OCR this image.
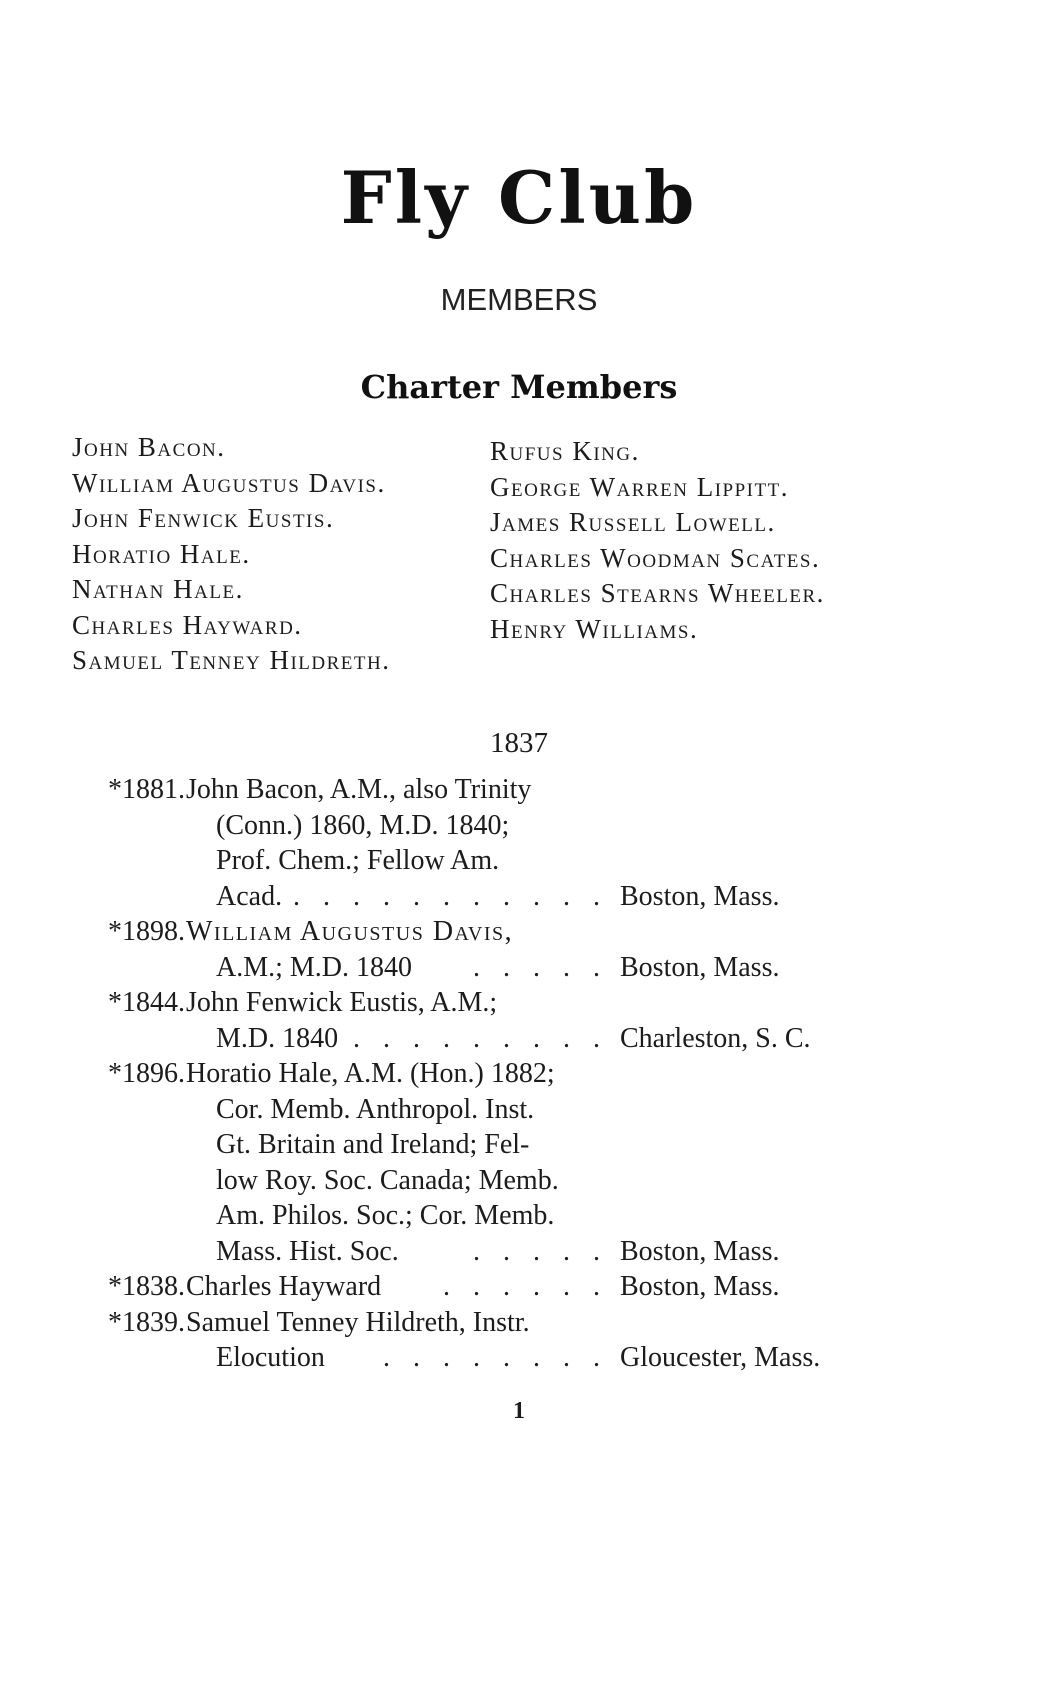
Fly Club
MEMBERS
Charter Members
John Bacon.
William Augustus Davis.
John Fenwick Eustis.
Horatio Hale.
Nathan Hale.
Charles Hayward.
Samuel Tenney Hildreth.
Rufus King.
George Warren Lippitt.
James Russell Lowell.
Charles Woodman Scates.
Charles Stearns Wheeler.
Henry Williams.
1837
*1881. John Bacon, A.M., also Trinity
(Conn.) 1860, M.D. 1840;
Prof. Chem.; Fellow Am.
Acad. . . . . . . . . . . . Boston, Mass.
*1898. William Augustus Davis,
A.M.; M.D. 1840 . . . . . Boston, Mass.
*1844. John Fenwick Eustis, A.M.;
M.D. 1840 . . . . . . . . . Charleston, S. C.
*1896. Horatio Hale, A.M. (Hon.) 1882;
Cor. Memb. Anthropol. Inst.
Gt. Britain and Ireland; Fel-
low Roy. Soc. Canada; Memb.
Am. Philos. Soc.; Cor. Memb.
Mass. Hist. Soc.	. . . . . Boston, Mass.
*1838. Charles Hayward . . . . . . Boston, Mass.
*1839. Samuel Tenney Hildreth, Instr.
Elocution . . . . . . . . Gloucester, Mass.
1
